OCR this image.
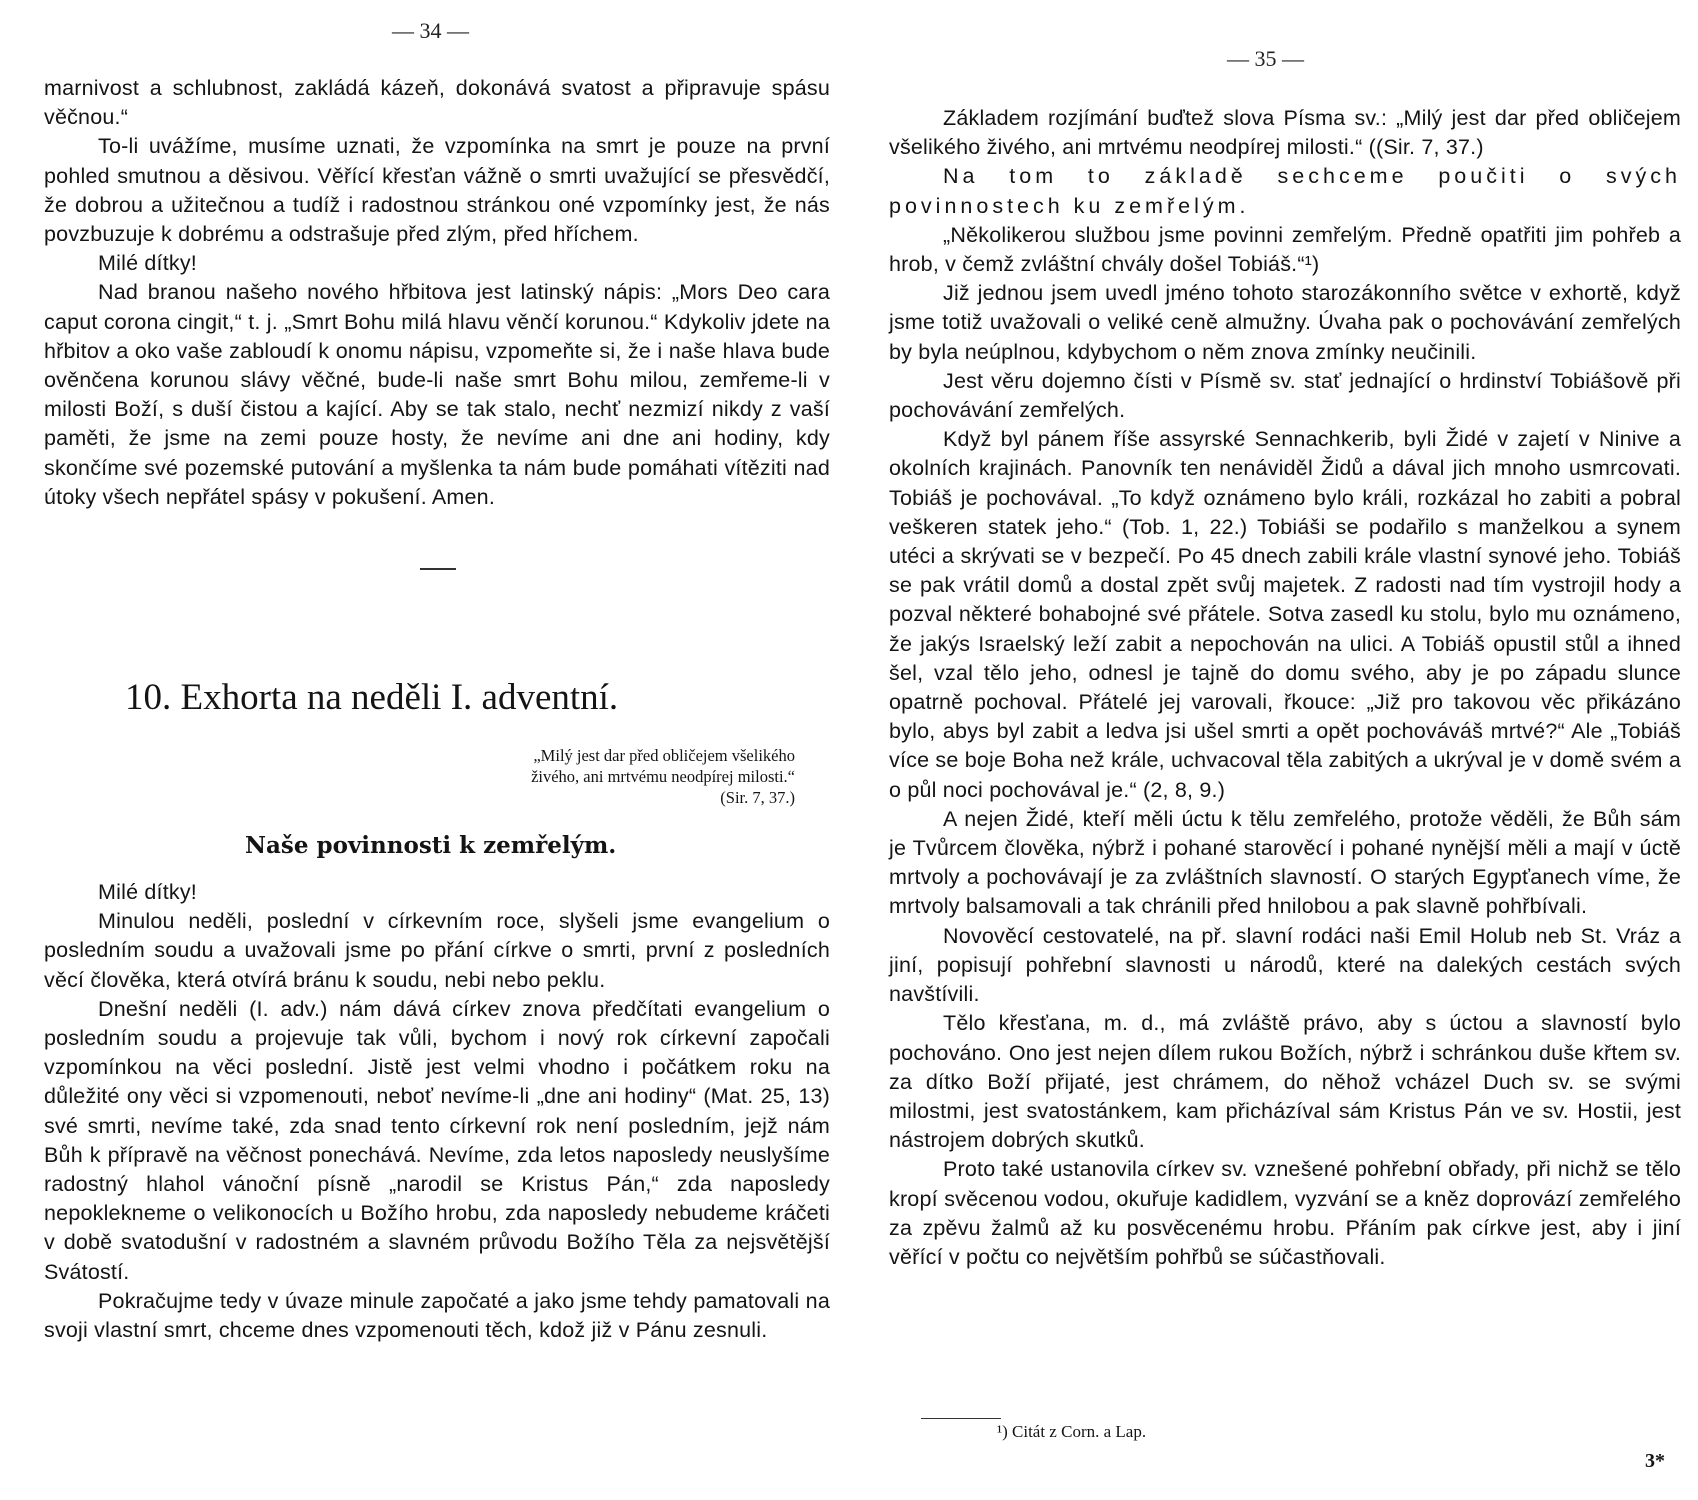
— 34 —

marnivost a schlubnost, zakládá kázeň, dokonává svatost a připravuje spásu věčnou.“

To-li uvážíme, musíme uznati, že vzpomínka na smrt je pouze na první pohled smutnou a děsivou. Věřící křesťan vážně o smrti uvažující se přesvědčí, že dobrou a užitečnou a tudíž i radostnou stránkou oné vzpomínky jest, že nás povzbuzuje k dobrému a odstrašuje před zlým, před hříchem.

Milé dítky!

Nad branou našeho nového hřbitova jest latinský nápis: „Mors Deo cara caput corona cingit,“ t. j. „Smrt Bohu milá hlavu věnčí korunou.“ Kdykoliv jdete na hřbitov a oko vaše zabloudí k onomu nápisu, vzpomeňte si, že i naše hlava bude ověnčena korunou slávy věčné, bude-li naše smrt Bohu milou, zemřeme-li v milosti Boží, s duší čistou a kající. Aby se tak stalo, nechť nezmizí nikdy z vaší paměti, že jsme na zemi pouze hosty, že nevíme ani dne ani hodiny, kdy skončíme své pozemské putování a myšlenka ta nám bude pomáhati vítěziti nad útoky všech nepřátel spásy v pokušení. Amen.

10. Exhorta na neděli I. adventní.

„Milý jest dar před obličejem všelikého

živého, ani mrtvému neodpírej milosti.“

(Sir. 7, 37.)

Naše povinnosti k zemřelým.

Milé dítky!

Minulou neděli, poslední v církevním roce, slyšeli jsme evangelium o posledním soudu a uvažovali jsme po přání církve o smrti, první z posledních věcí člověka, která otvírá bránu k soudu, nebi nebo peklu.

Dnešní neděli (I. adv.) nám dává církev znova předčítati evangelium o posledním soudu a projevuje tak vůli, bychom i nový rok církevní započali vzpomínkou na věci poslední. Jistě jest velmi vhodno i počátkem roku na důležité ony věci si vzpomenouti, neboť nevíme-li „dne ani hodiny“ (Mat. 25, 13) své smrti, nevíme také, zda snad tento církevní rok není posledním, jejž nám Bůh k přípravě na věčnost ponechává. Nevíme, zda letos naposledy neuslyšíme radostný hlahol vánoční písně „narodil se Kristus Pán,“ zda naposledy nepoklekneme o velikonocích u Božího hrobu, zda naposledy nebudeme kráčeti v době svatodušní v radostném a slavném průvodu Božího Těla za nejsvětější Svátostí.

Pokračujme tedy v úvaze minule započaté a jako jsme tehdy pamatovali na svoji vlastní smrt, chceme dnes vzpomenouti těch, kdož již v Pánu zesnuli.

— 35 —

Základem rozjímání buďtež slova Písma sv.: „Milý jest dar před obličejem všelikého živého, ani mrtvému neodpírej milosti.“ ((Sir. 7, 37.)

Na tom to základě sechceme poučiti o svých povinnostech ku zemřelým.

„Několikerou službou jsme povinni zemřelým. Předně opatřiti jim pohřeb a hrob, v čemž zvláštní chvály došel Tobiáš.“¹)

Již jednou jsem uvedl jméno tohoto starozákonního světce v exhortě, když jsme totiž uvažovali o veliké ceně almužny. Úvaha pak o pochovávání zemřelých by byla neúplnou, kdybychom o něm znova zmínky neučinili.

Jest věru dojemno čísti v Písmě sv. stať jednající o hrdinství Tobiášově při pochovávání zemřelých.

Když byl pánem říše assyrské Sennachkerib, byli Židé v zajetí v Ninive a okolních krajinách. Panovník ten nenáviděl Židů a dával jich mnoho usmrcovati. Tobiáš je pochovával. „To když oznámeno bylo králi, rozkázal ho zabiti a pobral veškeren statek jeho.“ (Tob. 1, 22.) Tobiáši se podařilo s manželkou a synem utéci a skrývati se v bezpečí. Po 45 dnech zabili krále vlastní synové jeho. Tobiáš se pak vrátil domů a dostal zpět svůj majetek. Z radosti nad tím vystrojil hody a pozval některé bohabojné své přátele. Sotva zasedl ku stolu, bylo mu oznámeno, že jakýs Israelský leží zabit a nepochován na ulici. A Tobiáš opustil stůl a ihned šel, vzal tělo jeho, odnesl je tajně do domu svého, aby je po západu slunce opatrně pochoval. Přátelé jej varovali, řkouce: „Již pro takovou věc přikázáno bylo, abys byl zabit a ledva jsi ušel smrti a opět pochováváš mrtvé?“ Ale „Tobiáš více se boje Boha než krále, uchvacoval těla zabitých a ukrýval je v domě svém a o půl noci pochovával je.“ (2, 8, 9.)

A nejen Židé, kteří měli úctu k tělu zemřelého, protože věděli, že Bůh sám je Tvůrcem člověka, nýbrž i pohané starověcí i pohané nynější měli a mají v úctě mrtvoly a pochovávají je za zvláštních slavností. O starých Egypťanech víme, že mrtvoly balsamovali a tak chránili před hnilobou a pak slavně pohřbívali.

Novověcí cestovatelé, na př. slavní rodáci naši Emil Holub neb St. Vráz a jiní, popisují pohřební slavnosti u národů, které na dalekých cestách svých navštívili.

Tělo křesťana, m. d., má zvláště právo, aby s úctou a slavností bylo pochováno. Ono jest nejen dílem rukou Božích, nýbrž i schránkou duše křtem sv. za dítko Boží přijaté, jest chrámem, do něhož vcházel Duch sv. se svými milostmi, jest svatostánkem, kam přicházíval sám Kristus Pán ve sv. Hostii, jest nástrojem dobrých skutků.

Proto také ustanovila církev sv. vznešené pohřební obřady, při nichž se tělo kropí svěcenou vodou, okuřuje kadidlem, vyzvání se a kněz doprovází zemřelého za zpěvu žalmů až ku posvěcenému hrobu. Přáním pak církve jest, aby i jiní věřící v počtu co největším pohřbů se súčastňovali.

¹) Citát z Corn. a Lap.
3*
